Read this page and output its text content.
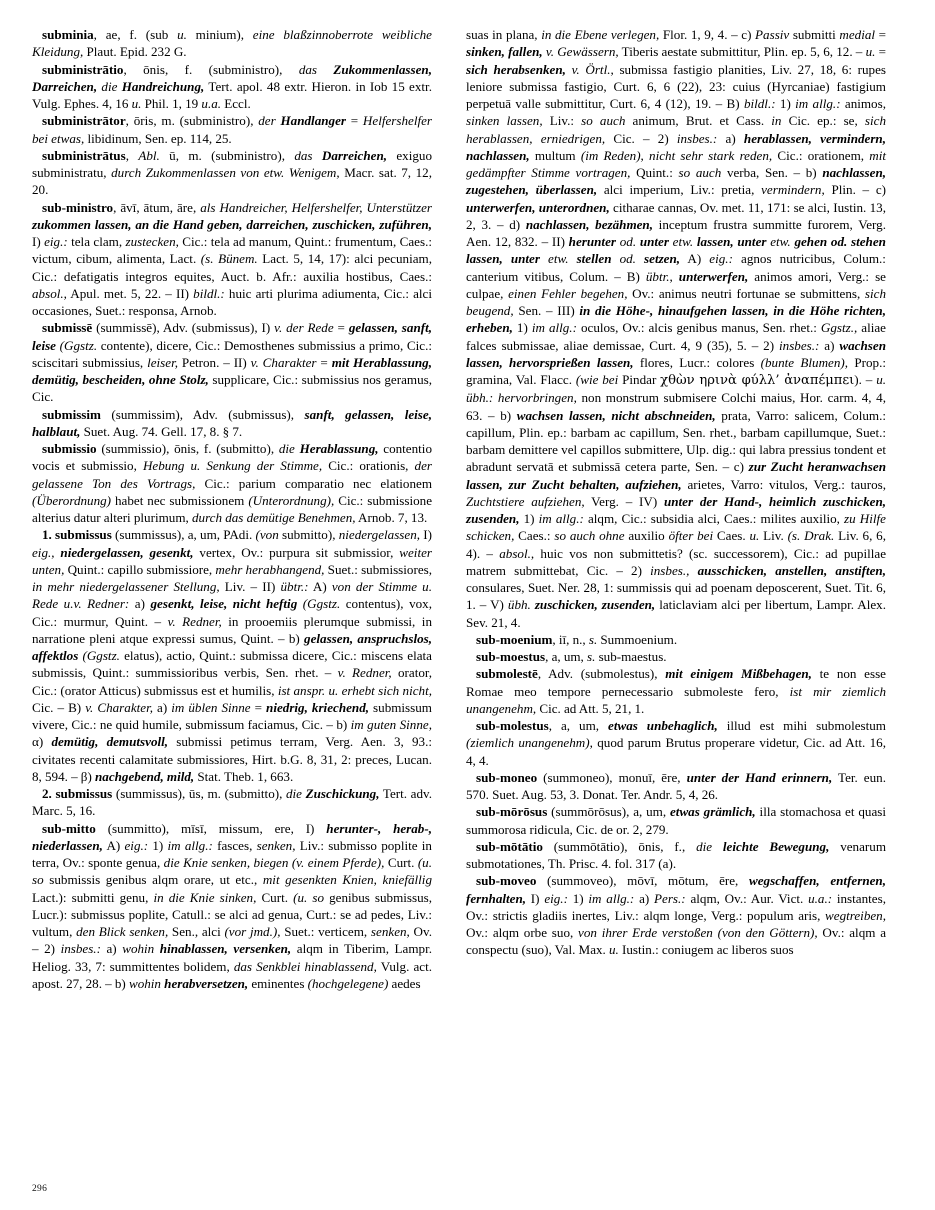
subminia, ae, f. (sub u. minium), eine blaßzinnoberrote weibliche Kleidung, Plaut. Epid. 232 G.
subministrātio, ōnis, f. (subministro), das Zukommenlassen, Darreichen, die Handreichung, Tert. apol. 48 extr. Hieron. in Iob 15 extr. Vulg. Ephes. 4, 16 u. Phil. 1, 19 u.a. Eccl.
subministrātor, ōris, m. (subministro), der Handlanger = Helfershelfer bei etwas, libidinum, Sen. ep. 114, 25.
subministrātus, Abl. ū, m. (subministro), das Darreichen, exiguo subministratu, durch Zukommenlassen von etw. Wenigem, Macr. sat. 7, 12, 20.
sub-ministro, āvī, ātum, āre, als Handreicher, Helfershelfer, Unterstützer zukommen lassen, an die Hand geben, darreichen, zuschicken, zuführen, I) eig.: tela clam, zustecken, Cic.: tela ad manum, Quint.: frumentum, Caes.: victum, cibum, alimenta, Lact. (s. Bünem. Lact. 5, 14, 17): alci pecuniam, Cic.: defatigatis integros equites, Auct. b. Afr.: auxilia hostibus, Caes.: absol., Apul. met. 5, 22. – II) bildl.: huic arti plurima adiumenta, Cic.: alci occasiones, Suet.: responsa, Arnob.
submissē (summissē), Adv. (submissus), I) v. der Rede = gelassen, sanft, leise (Ggstz. contente), dicere, Cic.: Demosthenes submissius a primo, Cic.: sciscitari submissius, leiser, Petron. – II) v. Charakter = mit Herablassung, demütig, bescheiden, ohne Stolz, supplicare, Cic.: submissius nos geramus, Cic.
submissim (summissim), Adv. (submissus), sanft, gelassen, leise, halblaut, Suet. Aug. 74. Gell. 17, 8. § 7.
submissio (summissio), ōnis, f. (submitto), die Herablassung, contentio vocis et submissio, Hebung u. Senkung der Stimme, Cic.: orationis, der gelassene Ton des Vortrags, Cic.: parium comparatio nec elationem (Überordnung) habet nec submissionem (Unterordnung), Cic.: submissione alterius datur alteri plurimum, durch das demütige Benehmen, Arnob. 7, 13.
1. submissus (summissus), a, um, PAdi. (von submitto), niedergelassen, I) eig., niedergelassen, gesenkt, vertex, Ov.: purpura sit submissior, weiter unten, Quint.: capillo submissiore, mehr herabhangend, Suet.: submissiores, in mehr niedergelassener Stellung, Liv. – II) übtr.: A) von der Stimme u. Rede u.v. Redner: a) gesenkt, leise, nicht heftig (Ggstz. contentus), vox, Cic.: murmur, Quint. – v. Redner, in prooemiis plerumque submissi, in narratione pleni atque expressi sumus, Quint. – b) gelassen, anspruchslos, affektlos (Ggstz. elatus), actio, Quint.: submissa dicere, Cic.: miscens elata submissis, Quint.: summissioribus verbis, Sen. rhet. – v. Redner, orator, Cic.: (orator Atticus) submissus est et humilis, ist anspr. u. erhebt sich nicht, Cic. – B) v. Charakter, a) im üblen Sinne = niedrig, kriechend, submissum vivere, Cic.: ne quid humile, submissum faciamus, Cic. – b) im guten Sinne, α) demütig, demutsvoll, submissi petimus terram, Verg. Aen. 3, 93.: civitates recenti calamitate submissiores, Hirt. b.G. 8, 31, 2: preces, Lucan. 8, 594. – β) nachgebend, mild, Stat. Theb. 1, 663.
2. submissus (summissus), ūs, m. (submitto), die Zuschickung, Tert. adv. Marc. 5, 16.
sub-mitto (summitto), mīsī, missum, ere, I) herunter-, herab-, niederlassen, A) eig.: 1) im allg.: fasces, senken, Liv.: submisso poplite in terra, Ov.: sponte genua, die Knie senken, biegen (v. einem Pferde), Curt. (u. so submissis genibus alqm orare, ut etc., mit gesenkten Knien, kniefällig Lact.): submitti genu, in die Knie sinken, Curt. (u. so genibus submissus, Lucr.): submissus poplite, Catull.: se alci ad genua, Curt.: se ad pedes, Liv.: vultum, den Blick senken, Sen., alci (vor jmd.), Suet.: verticem, senken, Ov. – 2) insbes.: a) wohin hinablassen, versenken, alqm in Tiberim, Lampr. Heliog. 33, 7: summittentes bolidem, das Senkblei hinablassend, Vulg. act. apost. 27, 28. – b) wohin herabversetzen, eminentes (hochgelegene) aedes
suas in plana, in die Ebene verlegen, Flor. 1, 9, 4. – c) Passiv submitti medial = sinken, fallen, v. Gewässern, Tiberis aestate submittitur, Plin. ep. 5, 6, 12. – u. = sich herabsenken, v. Örtl., submissa fastigio planities, Liv. 27, 18, 6: rupes leniore submissa fastigio, Curt. 6, 6 (22), 23: cuius (Hyrcaniae) fastigium perpetuā valle submittitur, Curt. 6, 4 (12), 19. – B) bildl.: 1) im allg.: animos, sinken lassen, Liv.: so auch animum, Brut. et Cass. in Cic. ep.: se, sich herablassen, erniedrigen, Cic. – 2) insbes.: a) herablassen, vermindern, nachlassen, multum (im Reden), nicht sehr stark reden, Cic.: orationem, mit gedämpfter Stimme vortragen, Quint.: so auch verba, Sen. – b) nachlassen, zugestehen, überlassen, alci imperium, Liv.: pretia, vermindern, Plin. – c) unterwerfen, unterordnen, citharae cannas, Ov. met. 11, 171: se alci, Iustin. 13, 2, 3. – d) nachlassen, bezähmen, inceptum frustra summitte furorem, Verg. Aen. 12, 832. – II) herunter od. unter etw. lassen, unter etw. gehen od. stehen lassen, unter etw. stellen od. setzen, A) eig.: agnos nutricibus, Colum.: canterium vitibus, Colum. – B) übtr., unterwerfen, animos amori, Verg.: se culpae, einen Fehler begehen, Ov.: animus neutri fortunae se submittens, sich beugend, Sen. – III) in die Höhe-, hinaufgehen lassen, in die Höhe richten, erheben, 1) im allg.: oculos, Ov.: alcis genibus manus, Sen. rhet.: Ggstz., aliae falces submissae, aliae demissae, Curt. 4, 9 (35), 5. – 2) insbes.: a) wachsen lassen, hervorsprießen lassen, flores, Lucr.: colores (bunte Blumen), Prop.: gramina, Val. Flacc. (wie bei Pindar χθὼν ηρινὰ φύλλ’ ἀναπέμπει). – u. übh.: hervorbringen, non monstrum submisere Colchi maius, Hor. carm. 4, 4, 63. – b) wachsen lassen, nicht abschneiden, prata, Varro: salicem, Colum.: capillum, Plin. ep.: barbam ac capillum, Sen. rhet., barbam capillumque, Suet.: barbam demittere vel capillos submittere, Ulp. dig.: qui labra pressius tondent et abradunt servatā et submissā cetera parte, Sen. – c) zur Zucht heranwachsen lassen, zur Zucht behalten, aufziehen, arietes, Varro: vitulos, Verg.: tauros, Zuchtstiere aufziehen, Verg. – IV) unter der Hand-, heimlich zuschicken, zusenden, 1) im allg.: alqm, Cic.: subsidia alci, Caes.: milites auxilio, zu Hilfe schicken, Caes.: so auch ohne auxilio öfter bei Caes. u. Liv. (s. Drak. Liv. 6, 6, 4). – absol., huic vos non submittetis? (sc. successorem), Cic.: ad pupillae matrem submittebat, Cic. – 2) insbes., ausschicken, anstellen, anstiften, consulares, Suet. Ner. 28, 1: summissis qui ad poenam deposcerent, Suet. Tit. 6, 1. – V) übh. zuschicken, zusenden, laticlaviam alci per libertum, Lampr. Alex. Sev. 21, 4.
sub-moenium, iī, n., s. Summoenium.
sub-moestus, a, um, s. sub-maestus.
submolestē, Adv. (submolestus), mit einigem Mißbehagen, te non esse Romae meo tempore pernecessario submoleste fero, ist mir ziemlich unangenehm, Cic. ad Att. 5, 21, 1.
sub-molestus, a, um, etwas unbehaglich, illud est mihi submolestum (ziemlich unangenehm), quod parum Brutus properare videtur, Cic. ad Att. 16, 4, 4.
sub-moneo (summoneo), monuī, ēre, unter der Hand erinnern, Ter. eun. 570. Suet. Aug. 53, 3. Donat. Ter. Andr. 5, 4, 26.
sub-mōrōsus (summōrōsus), a, um, etwas grämlich, illa stomachosa et quasi summorosa ridicula, Cic. de or. 2, 279.
sub-mōtātio (summōtātio), ōnis, f., die leichte Bewegung, venarum submotationes, Th. Prisc. 4. fol. 317 (a).
sub-moveo (summoveo), mōvī, mōtum, ēre, wegschaffen, entfernen, fernhalten, I) eig.: 1) im allg.: a) Pers.: alqm, Ov.: Aur. Vict. u.a.: instantes, Ov.: strictis gladiis inertes, Liv.: alqm longe, Verg.: populum aris, wegtreiben, Ov.: alqm orbe suo, von ihrer Erde verstoßen (von den Göttern), Ov.: alqm a conspectu (suo), Val. Max. u. Iustin.: coniugem ac liberos suos
296
